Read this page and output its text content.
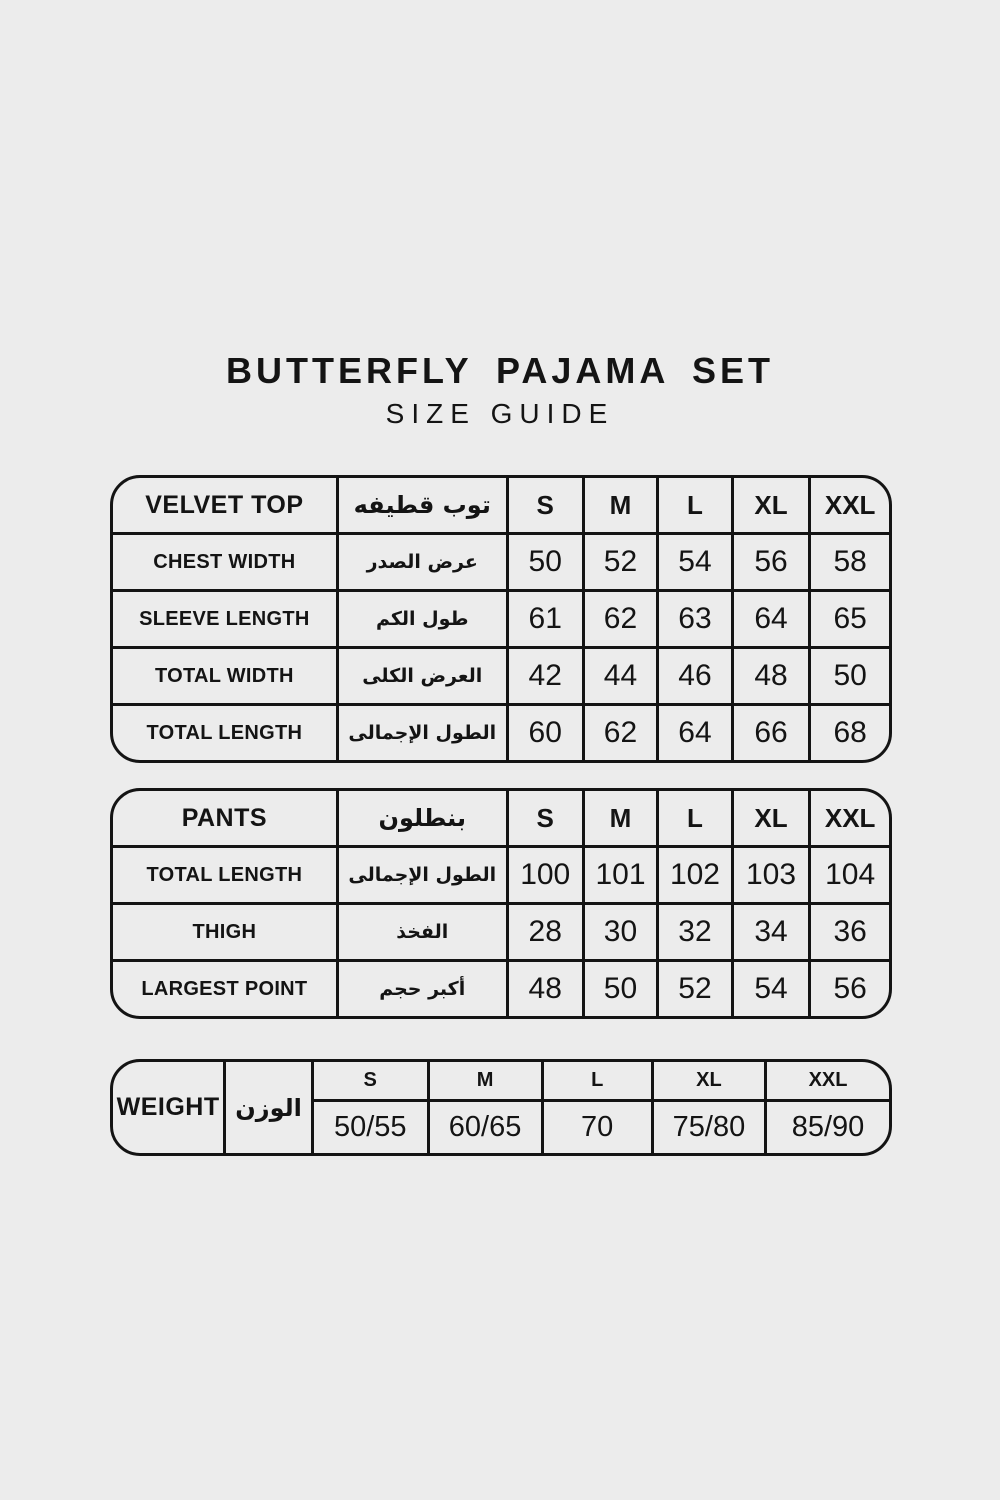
BUTTERFLY PAJAMA SET
SIZE GUIDE
VELVET TOP	توب قطيفه	S	M	L	XL	XXL
CHEST WIDTH	عرض الصدر	50	52	54	56	58
SLEEVE LENGTH	طول الكم	61	62	63	64	65
TOTAL WIDTH	العرض الكلى	42	44	46	48	50
TOTAL LENGTH	الطول الإجمالى	60	62	64	66	68
PANTS	بنطلون	S	M	L	XL	XXL
TOTAL LENGTH	الطول الإجمالى	100	101	102	103	104
THIGH	الفخذ	28	30	32	34	36
LARGEST POINT	أكبر حجم	48	50	52	54	56
WEIGHT	الوزن	S	M	L	XL	XXL
		50/55	60/65	70	75/80	85/90
